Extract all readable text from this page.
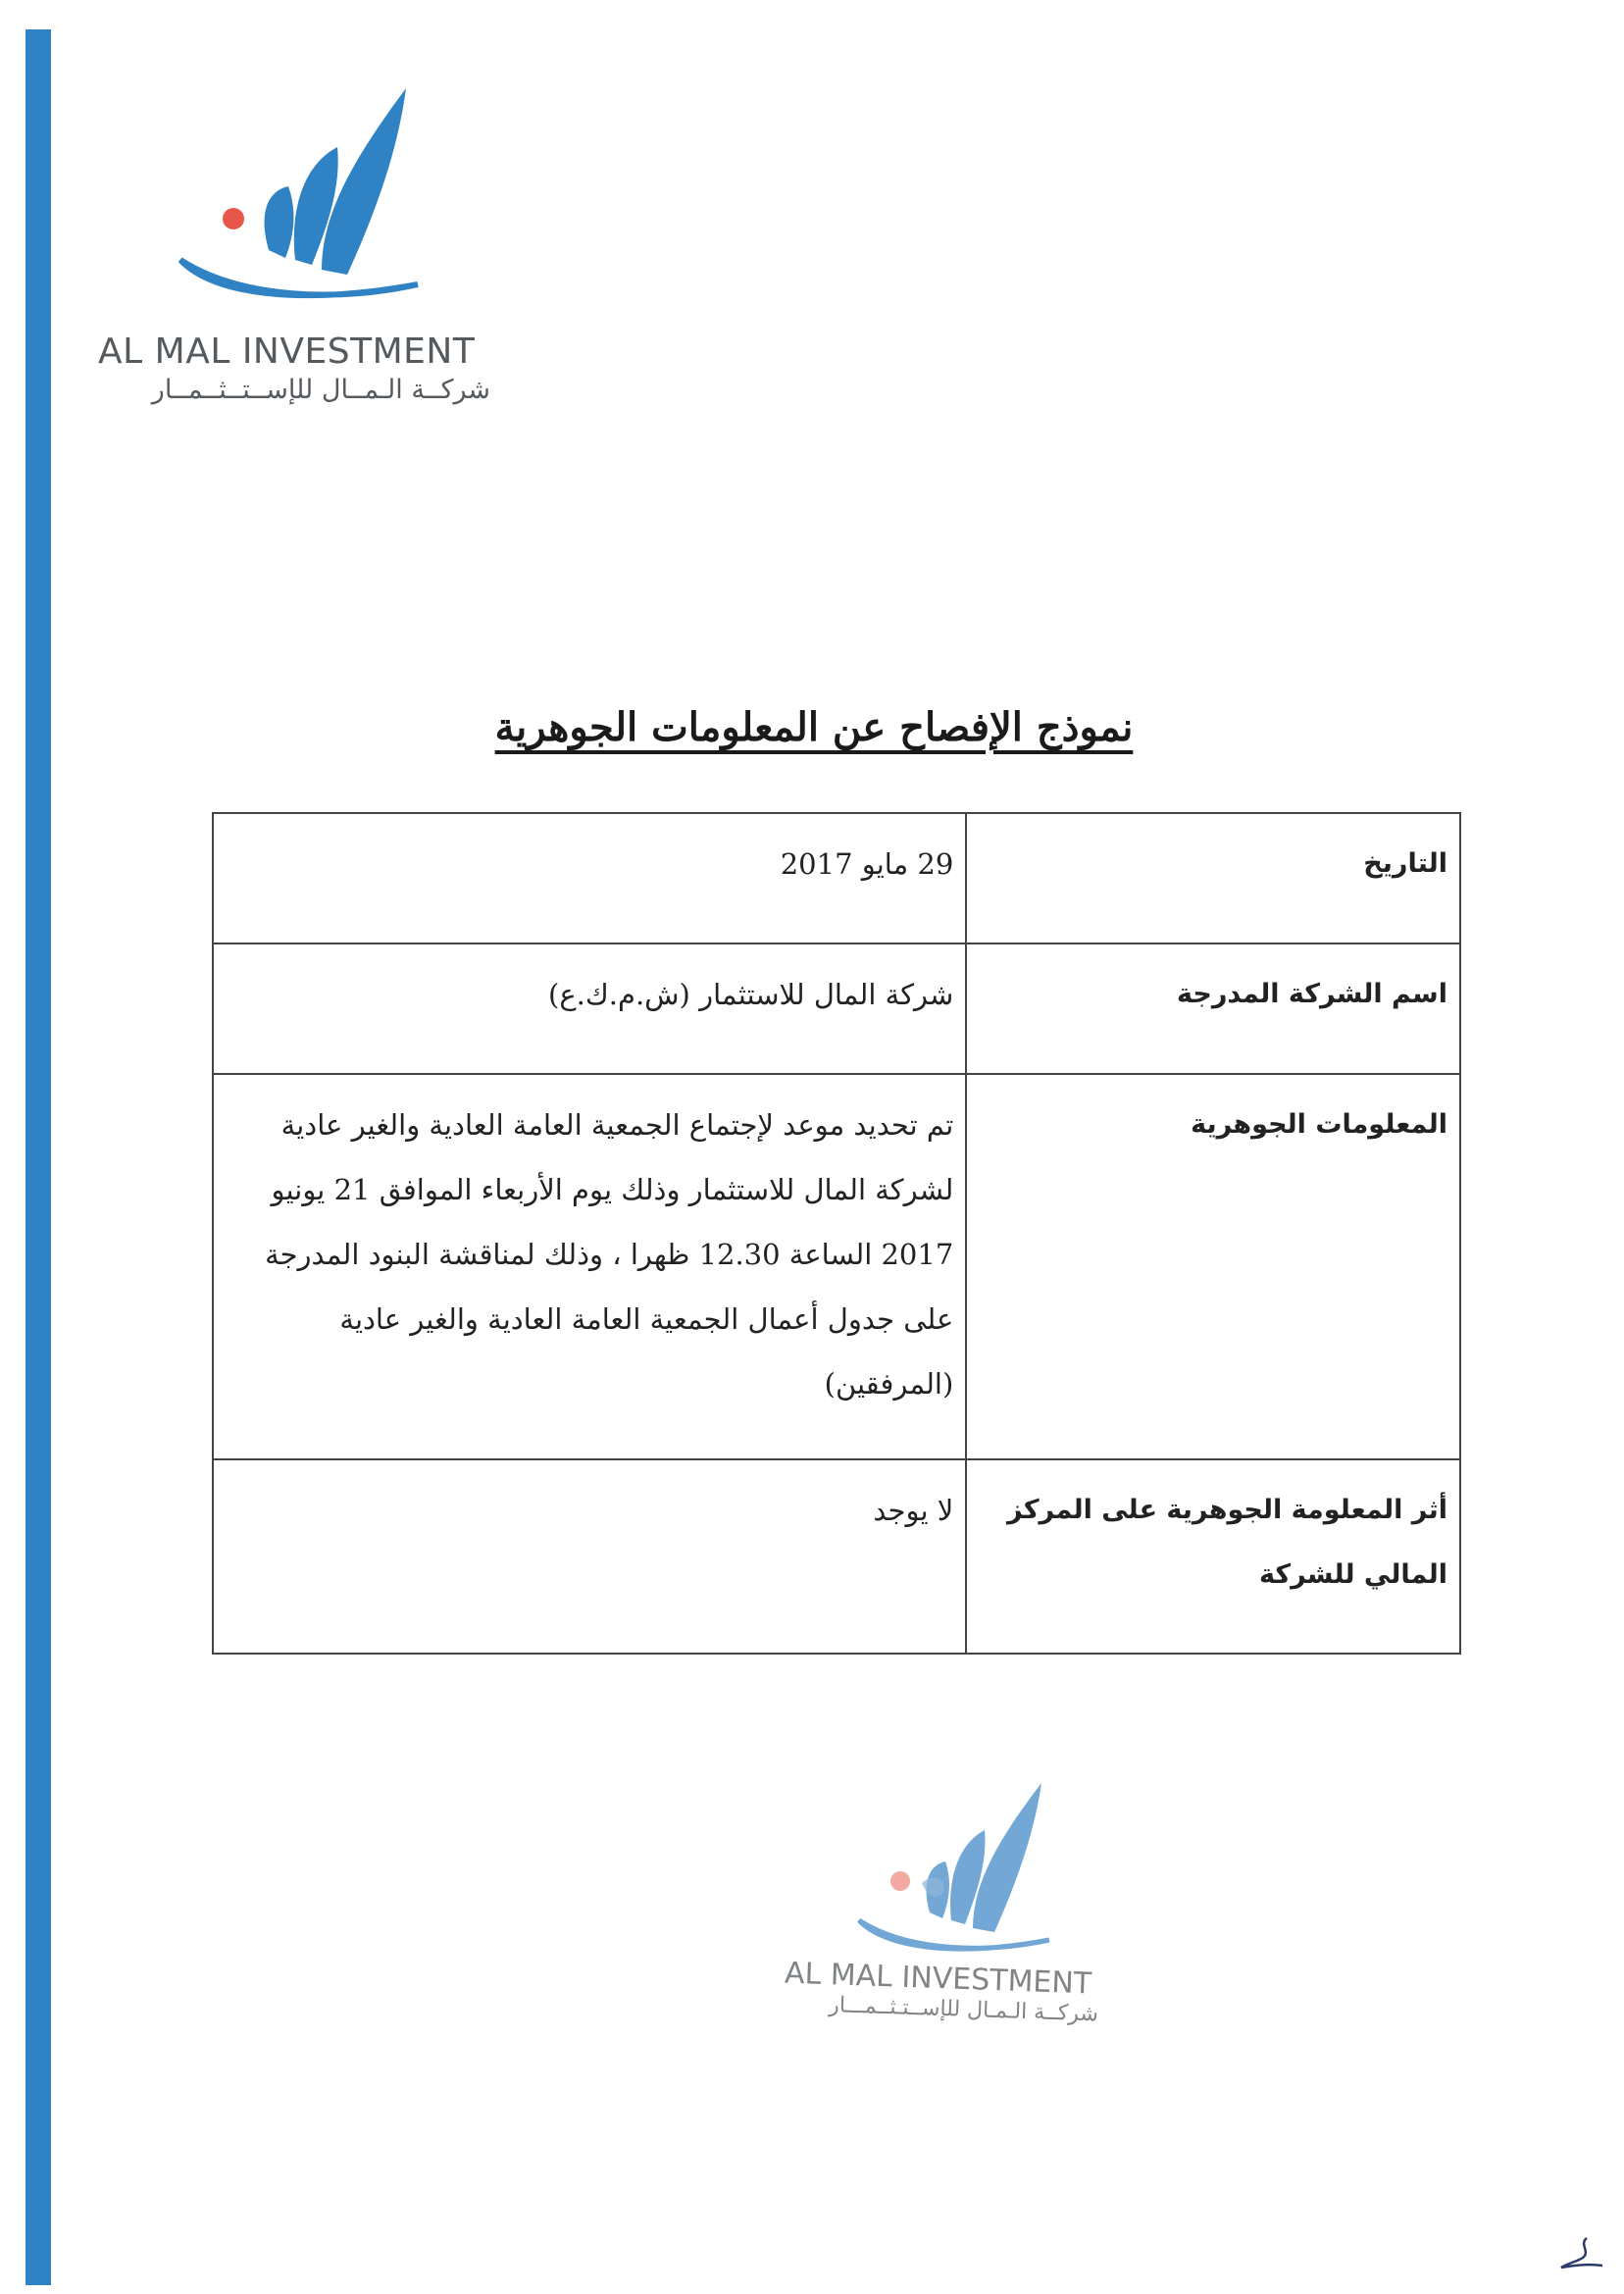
AL MAL INVESTMENT
شركــة الـمــال للإســتــثــمــار
نموذج الإفصاح عن المعلومات الجوهرية
التاريخ	29 مايو 2017
اسم الشركة المدرجة	شركة المال للاستثمار (ش.م.ك.ع)
المعلومات الجوهرية	تم تحديد موعد لإجتماع الجمعية العامة العادية والغير عادية لشركة المال للاستثمار وذلك يوم الأربعاء الموافق 21 يونيو 2017 الساعة 12.30 ظهرا ، وذلك لمناقشة البنود المدرجة على جدول أعمال الجمعية العامة العادية والغير عادية (المرفقين)
أثر المعلومة الجوهرية على المركز المالي للشركة	لا يوجد
AL MAL INVESTMENT
شركــة الـمـال للإســتـثــمـــار
